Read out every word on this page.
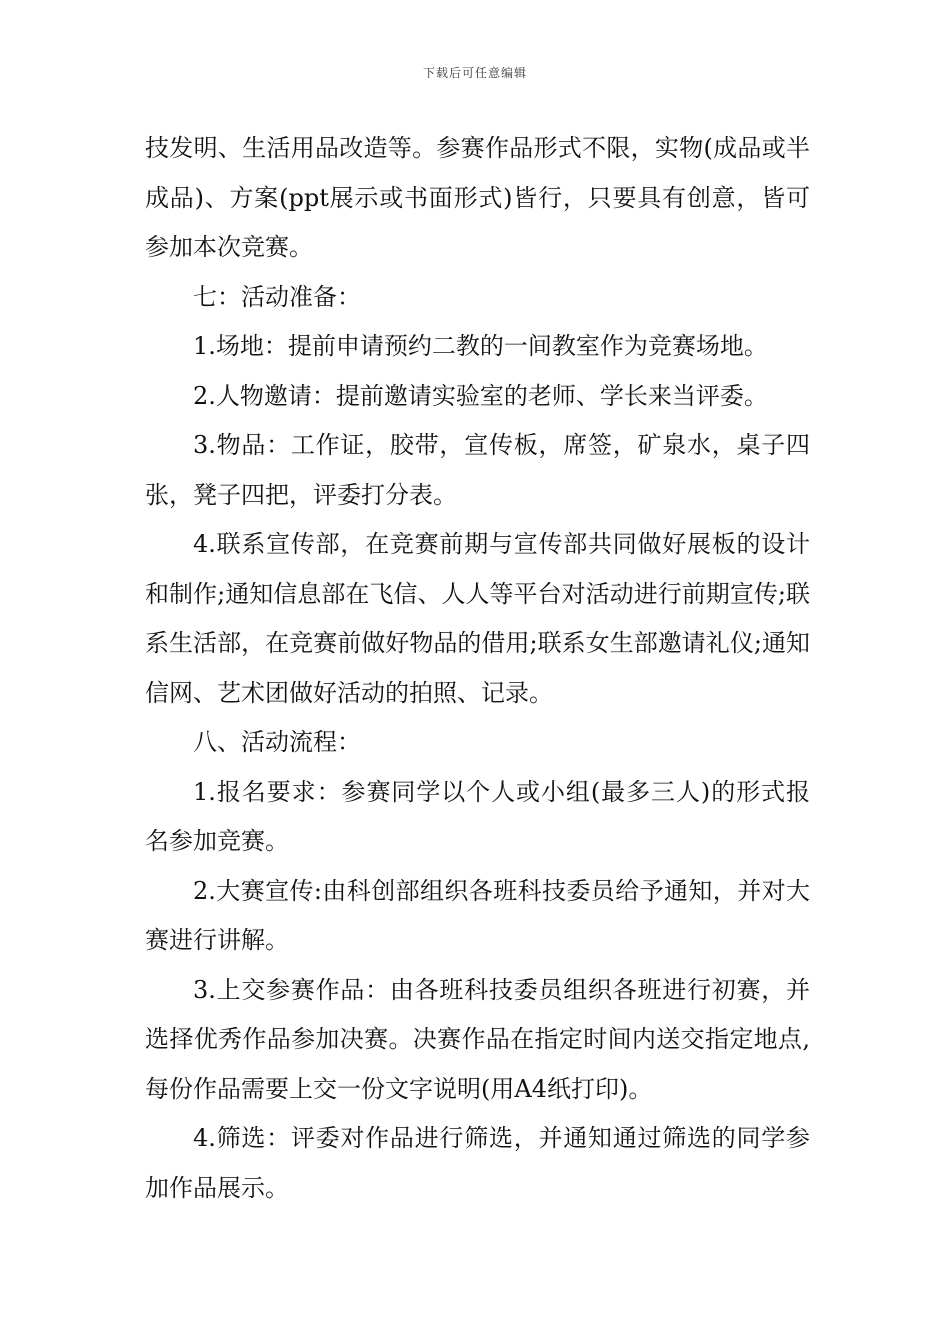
下载后可任意编辑

技发明、生活用品改造等。参赛作品形式不限，实物(成品或半成品)、方案(ppt展示或书面形式)皆行，只要具有创意，皆可参加本次竞赛。

七：活动准备：

1.场地：提前申请预约二教的一间教室作为竞赛场地。

2.人物邀请：提前邀请实验室的老师、学长来当评委。

3.物品：工作证，胶带，宣传板，席签，矿泉水，桌子四张，凳子四把，评委打分表。

4.联系宣传部，在竞赛前期与宣传部共同做好展板的设计和制作;通知信息部在飞信、人人等平台对活动进行前期宣传;联系生活部，在竞赛前做好物品的借用;联系女生部邀请礼仪;通知信网、艺术团做好活动的拍照、记录。

八、活动流程：

1.报名要求：参赛同学以个人或小组(最多三人)的形式报名参加竞赛。

2.大赛宣传:由科创部组织各班科技委员给予通知，并对大赛进行讲解。

3.上交参赛作品：由各班科技委员组织各班进行初赛，并选择优秀作品参加决赛。决赛作品在指定时间内送交指定地点,每份作品需要上交一份文字说明(用A4纸打印)。

4.筛选：评委对作品进行筛选，并通知通过筛选的同学参加作品展示。
